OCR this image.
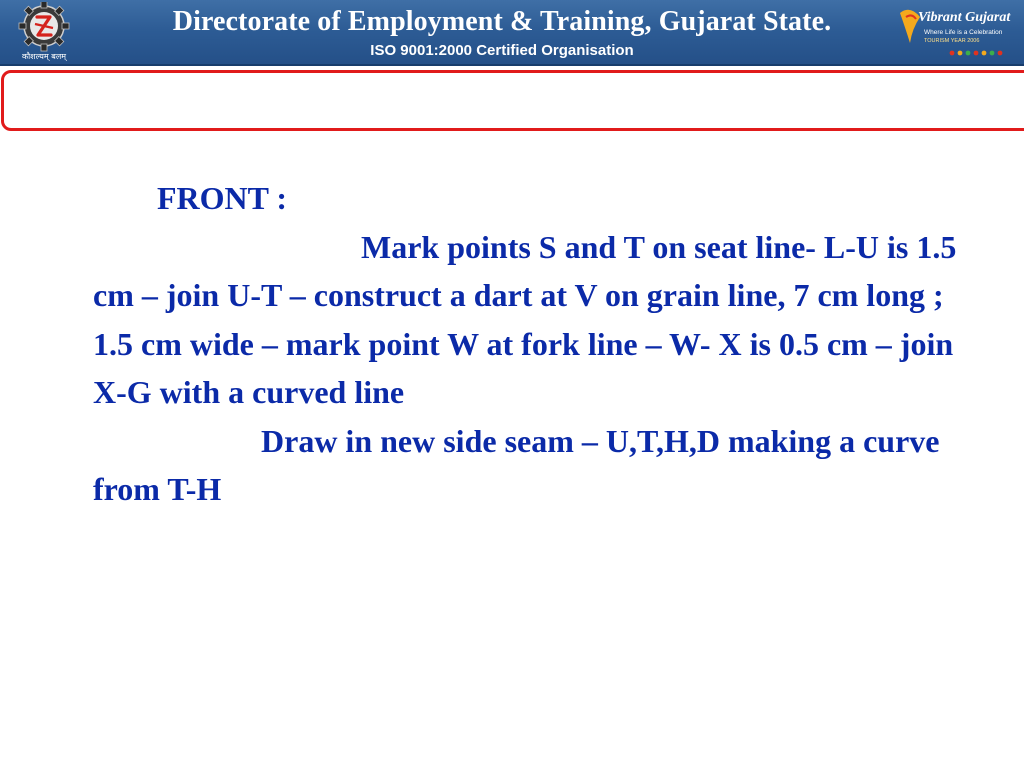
कौशल्यम् बलम्
Directorate of Employment & Training, Gujarat State.
ISO 9001:2000 Certified Organisation
Vibrant Gujarat
Where Life is a Celebration
TOURISM YEAR 2006

FRONT :

Mark points S and T on seat line- L-U is 1.5 cm – join U-T – construct a dart at V on grain line, 7 cm long ; 1.5 cm wide – mark point W at fork line – W- X is 0.5 cm – join X-G with a curved line

Draw in new side seam – U,T,H,D making a curve from T-H
